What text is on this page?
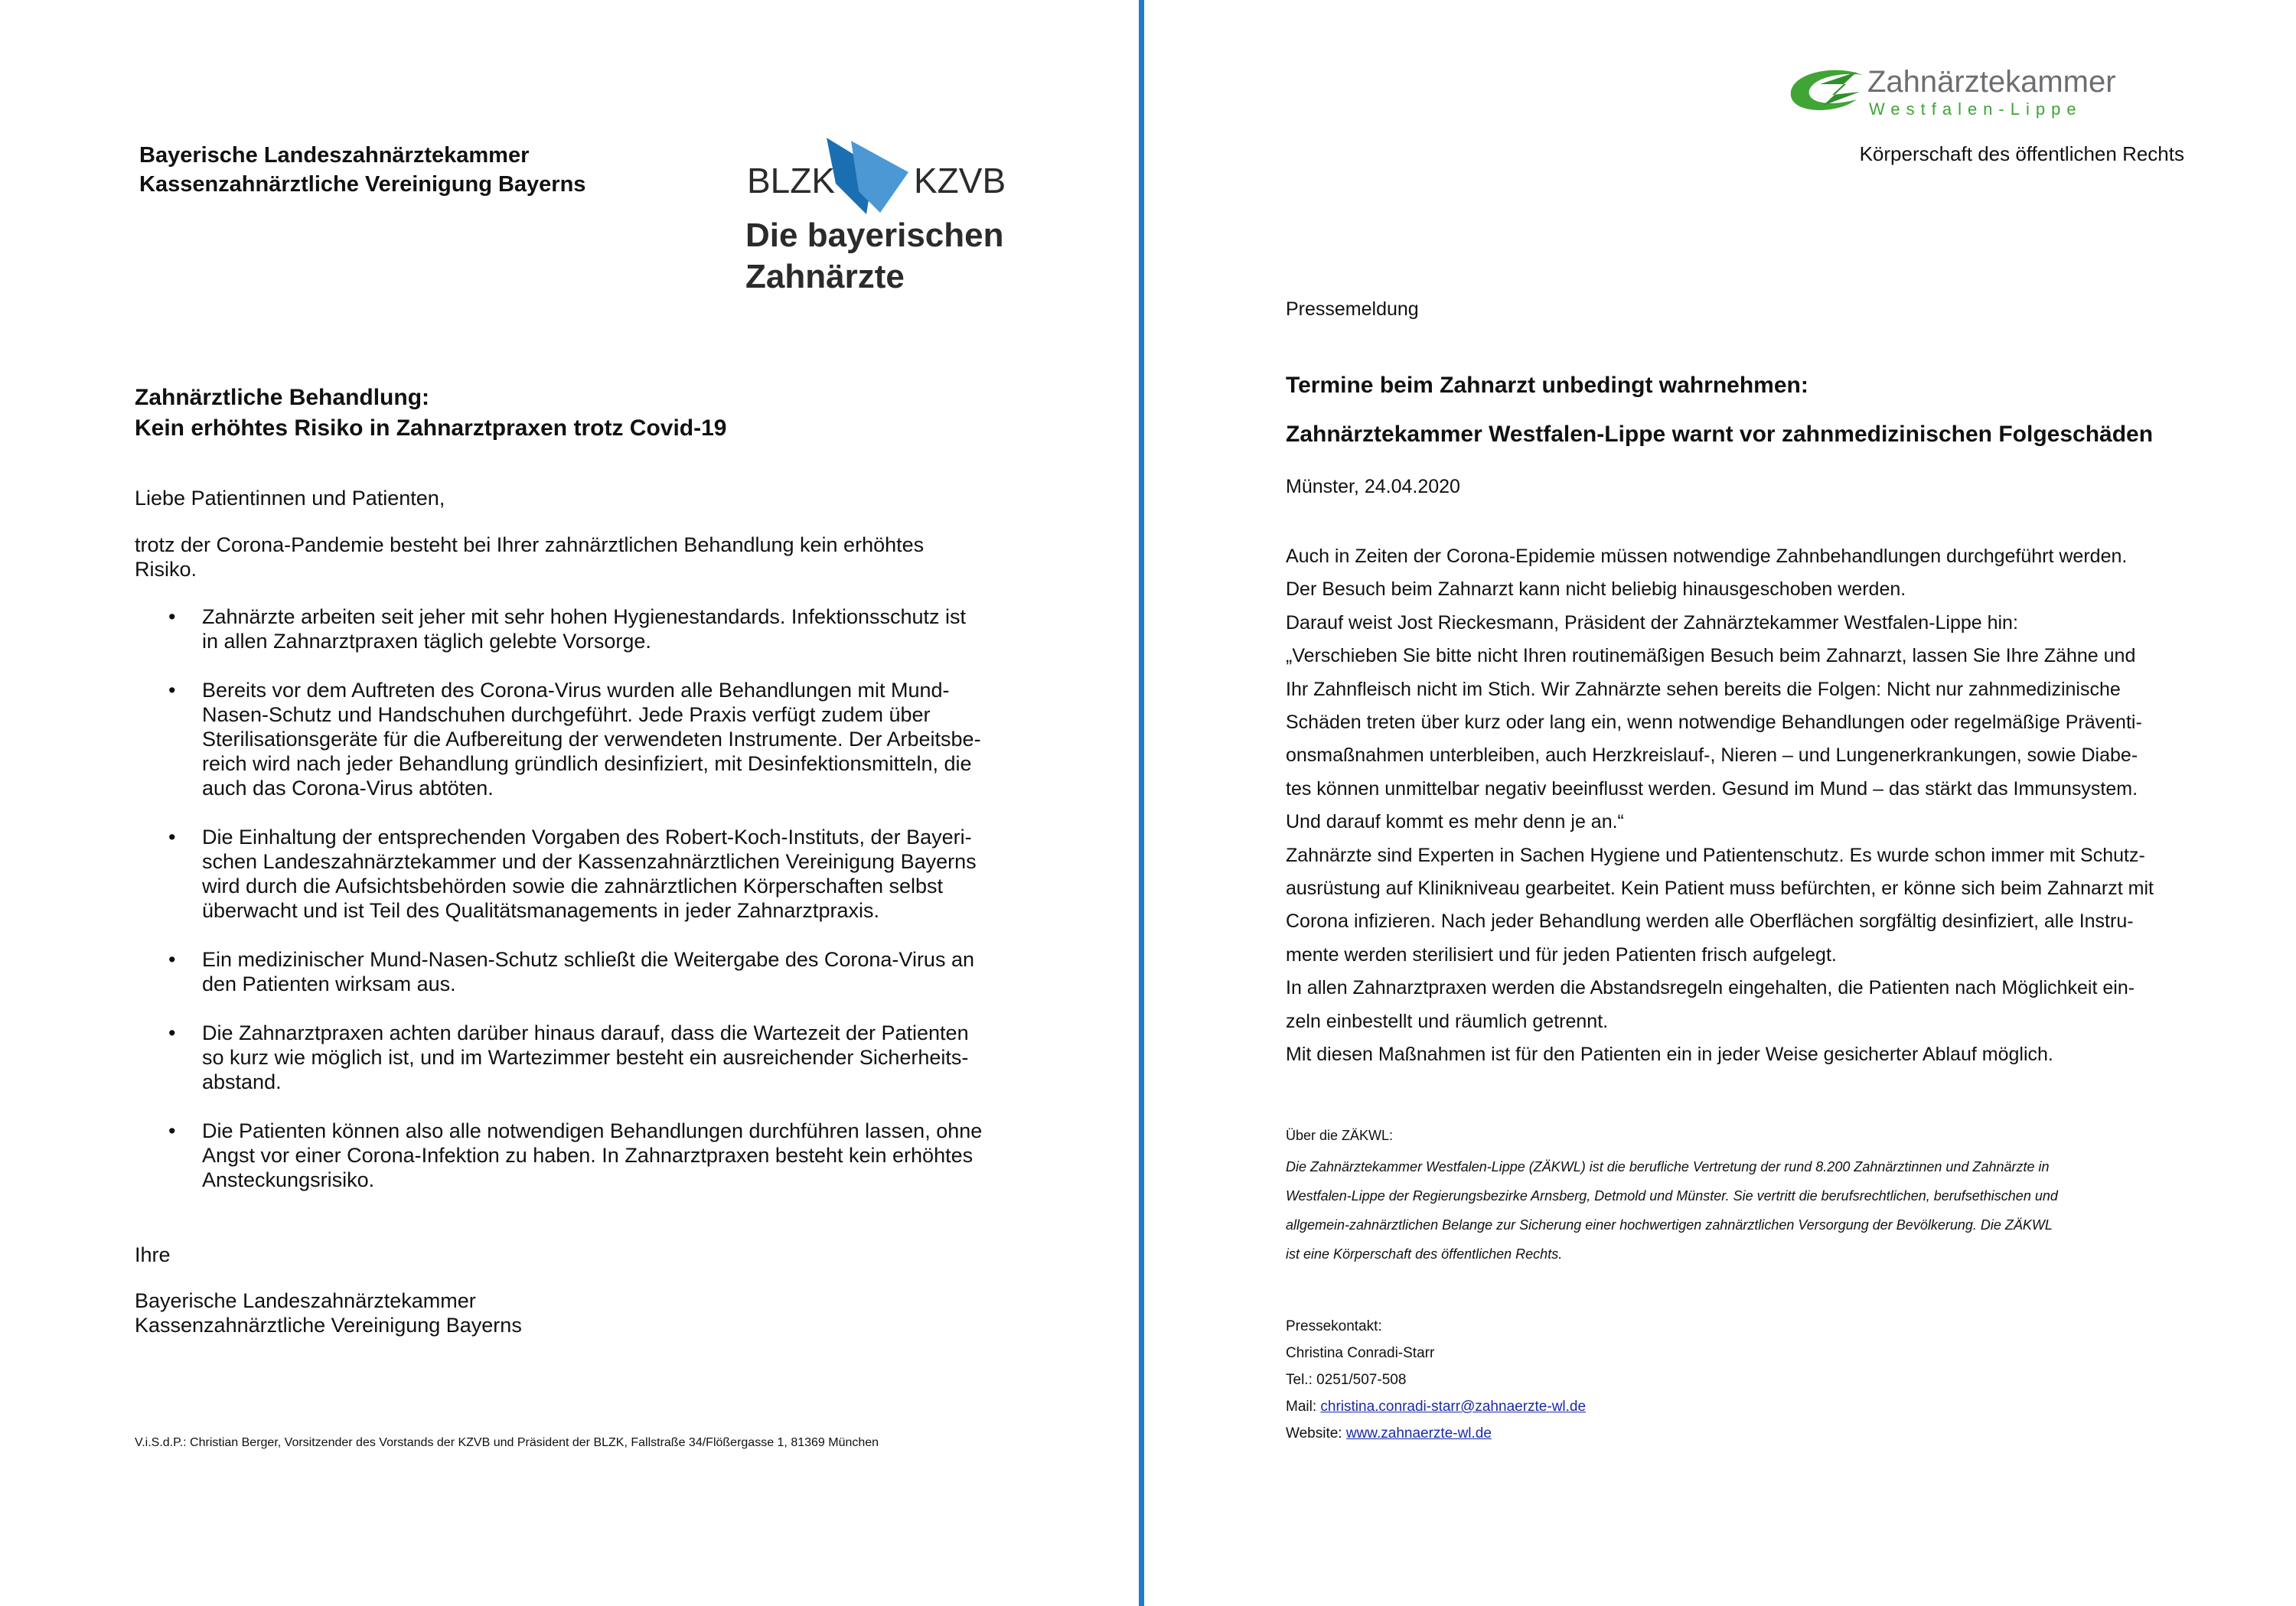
Bayerische Landeszahnärztekammer
Kassenzahnärztliche Vereinigung Bayerns	BLZK KZVB
Die bayerischen
Zahnärzte
Zahnärztliche Behandlung:
Kein erhöhtes Risiko in Zahnarztpraxen trotz Covid-19
Liebe Patientinnen und Patienten,
trotz der Corona-Pandemie besteht bei Ihrer zahnärztlichen Behandlung kein erhöhtes
Risiko.
• Zahnärzte arbeiten seit jeher mit sehr hohen Hygienestandards. Infektionsschutz ist
in allen Zahnarztpraxen täglich gelebte Vorsorge.
• Bereits vor dem Auftreten des Corona-Virus wurden alle Behandlungen mit Mund-
Nasen-Schutz und Handschuhen durchgeführt. Jede Praxis verfügt zudem über
Sterilisationsgeräte für die Aufbereitung der verwendeten Instrumente. Der Arbeitsbe-
reich wird nach jeder Behandlung gründlich desinfiziert, mit Desinfektionsmitteln, die
auch das Corona-Virus abtöten.
• Die Einhaltung der entsprechenden Vorgaben des Robert-Koch-Instituts, der Bayeri-
schen Landeszahnärztekammer und der Kassenzahnärztlichen Vereinigung Bayerns
wird durch die Aufsichtsbehörden sowie die zahnärztlichen Körperschaften selbst
überwacht und ist Teil des Qualitätsmanagements in jeder Zahnarztpraxis.
• Ein medizinischer Mund-Nasen-Schutz schließt die Weitergabe des Corona-Virus an
den Patienten wirksam aus.
• Die Zahnarztpraxen achten darüber hinaus darauf, dass die Wartezeit der Patienten
so kurz wie möglich ist, und im Wartezimmer besteht ein ausreichender Sicherheits-
abstand.
• Die Patienten können also alle notwendigen Behandlungen durchführen lassen, ohne
Angst vor einer Corona-Infektion zu haben. In Zahnarztpraxen besteht kein erhöhtes
Ansteckungsrisiko.
Ihre
Bayerische Landeszahnärztekammer
Kassenzahnärztliche Vereinigung Bayerns
V.i.S.d.P.: Christian Berger, Vorsitzender des Vorstands der KZVB und Präsident der BLZK, Fallstraße 34/Flößergasse 1, 81369 München
Zahnärztekammer
Westfalen-Lippe
Körperschaft des öffentlichen Rechts
Pressemeldung
Termine beim Zahnarzt unbedingt wahrnehmen:
Zahnärztekammer Westfalen-Lippe warnt vor zahnmedizinischen Folgeschäden
Münster, 24.04.2020
Auch in Zeiten der Corona-Epidemie müssen notwendige Zahnbehandlungen durchgeführt werden.
Der Besuch beim Zahnarzt kann nicht beliebig hinausgeschoben werden.
Darauf weist Jost Rieckesmann, Präsident der Zahnärztekammer Westfalen-Lippe hin:
„Verschieben Sie bitte nicht Ihren routinemäßigen Besuch beim Zahnarzt, lassen Sie Ihre Zähne und
Ihr Zahnfleisch nicht im Stich. Wir Zahnärzte sehen bereits die Folgen: Nicht nur zahnmedizinische
Schäden treten über kurz oder lang ein, wenn notwendige Behandlungen oder regelmäßige Präventi-
onsmaßnahmen unterbleiben, auch Herzkreislauf-, Nieren – und Lungenerkrankungen, sowie Diabe-
tes können unmittelbar negativ beeinflusst werden. Gesund im Mund – das stärkt das Immunsystem.
Und darauf kommt es mehr denn je an.“
Zahnärzte sind Experten in Sachen Hygiene und Patientenschutz. Es wurde schon immer mit Schutz-
ausrüstung auf Klinikniveau gearbeitet. Kein Patient muss befürchten, er könne sich beim Zahnarzt mit
Corona infizieren. Nach jeder Behandlung werden alle Oberflächen sorgfältig desinfiziert, alle Instru-
mente werden sterilisiert und für jeden Patienten frisch aufgelegt.
In allen Zahnarztpraxen werden die Abstandsregeln eingehalten, die Patienten nach Möglichkeit ein-
zeln einbestellt und räumlich getrennt.
Mit diesen Maßnahmen ist für den Patienten ein in jeder Weise gesicherter Ablauf möglich.
Über die ZÄKWL:
Die Zahnärztekammer Westfalen-Lippe (ZÄKWL) ist die berufliche Vertretung der rund 8.200 Zahnärztinnen und Zahnärzte in
Westfalen-Lippe der Regierungsbezirke Arnsberg, Detmold und Münster. Sie vertritt die berufsrechtlichen, berufsethischen und
allgemein-zahnärztlichen Belange zur Sicherung einer hochwertigen zahnärztlichen Versorgung der Bevölkerung. Die ZÄKWL
ist eine Körperschaft des öffentlichen Rechts.
Pressekontakt:
Christina Conradi-Starr
Tel.: 0251/507-508
Mail: christina.conradi-starr@zahnaerzte-wl.de
Website: www.zahnaerzte-wl.de
